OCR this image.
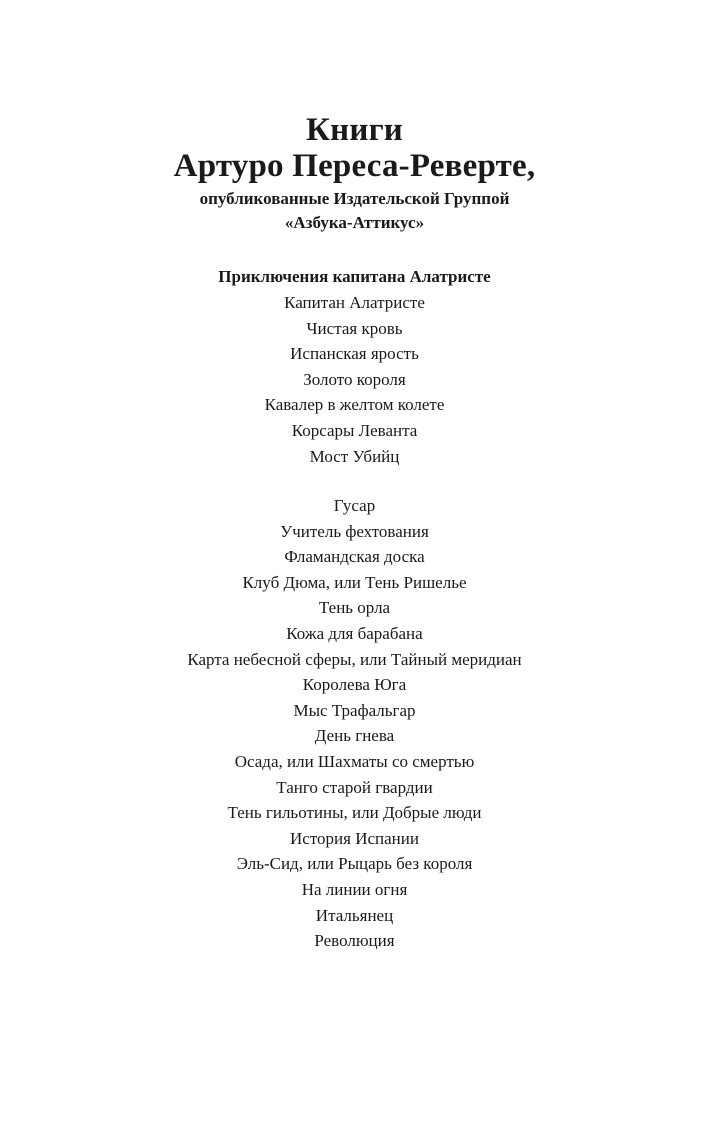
Книги
Артуро Переса-Реверте,
опубликованные Издательской Группой
«Азбука-Аттикус»
Приключения капитана Алатристе
Капитан Алатристе
Чистая кровь
Испанская ярость
Золото короля
Кавалер в желтом колете
Корсары Леванта
Мост Убийц
Гусар
Учитель фехтования
Фламандская доска
Клуб Дюма, или Тень Ришелье
Тень орла
Кожа для барабана
Карта небесной сферы, или Тайный меридиан
Королева Юга
Мыс Трафальгар
День гнева
Осада, или Шахматы со смертью
Танго старой гвардии
Тень гильотины, или Добрые люди
История Испании
Эль-Сид, или Рыцарь без короля
На линии огня
Итальянец
Революция
